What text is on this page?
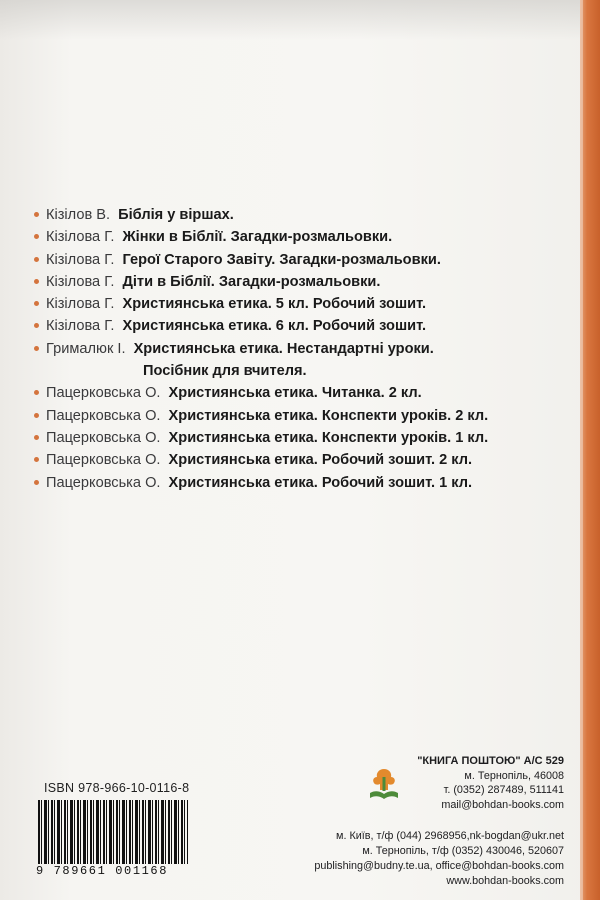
Кізілов В. Біблія у віршах.
Кізілова Г. Жінки в Біблії. Загадки-розмальовки.
Кізілова Г. Герої Старого Завіту. Загадки-розмальовки.
Кізілова Г. Діти в Біблії. Загадки-розмальовки.
Кізілова Г. Християнська етика. 5 кл. Робочий зошит.
Кізілова Г. Християнська етика. 6 кл. Робочий зошит.
Грималюк І. Християнська етика. Нестандартні уроки.
Посібник для вчителя.
Пацерковська О. Християнська етика. Читанка. 2 кл.
Пацерковська О. Християнська етика. Конспекти уроків. 2 кл.
Пацерковська О. Християнська етика. Конспекти уроків. 1 кл.
Пацерковська О. Християнська етика. Робочий зошит. 2 кл.
Пацерковська О. Християнська етика. Робочий зошит. 1 кл.
ISBN 978-966-10-0116-8
9 789661 001168
"КНИГА ПОШТОЮ" А/С 529
м. Тернопіль, 46008
т. (0352) 287489, 511141
mail@bohdan-books.com
м. Київ, т/ф (044) 2968956,nk-bogdan@ukr.net
м. Тернопіль, т/ф (0352) 430046, 520607
publishing@budny.te.ua, office@bohdan-books.com
www.bohdan-books.com
